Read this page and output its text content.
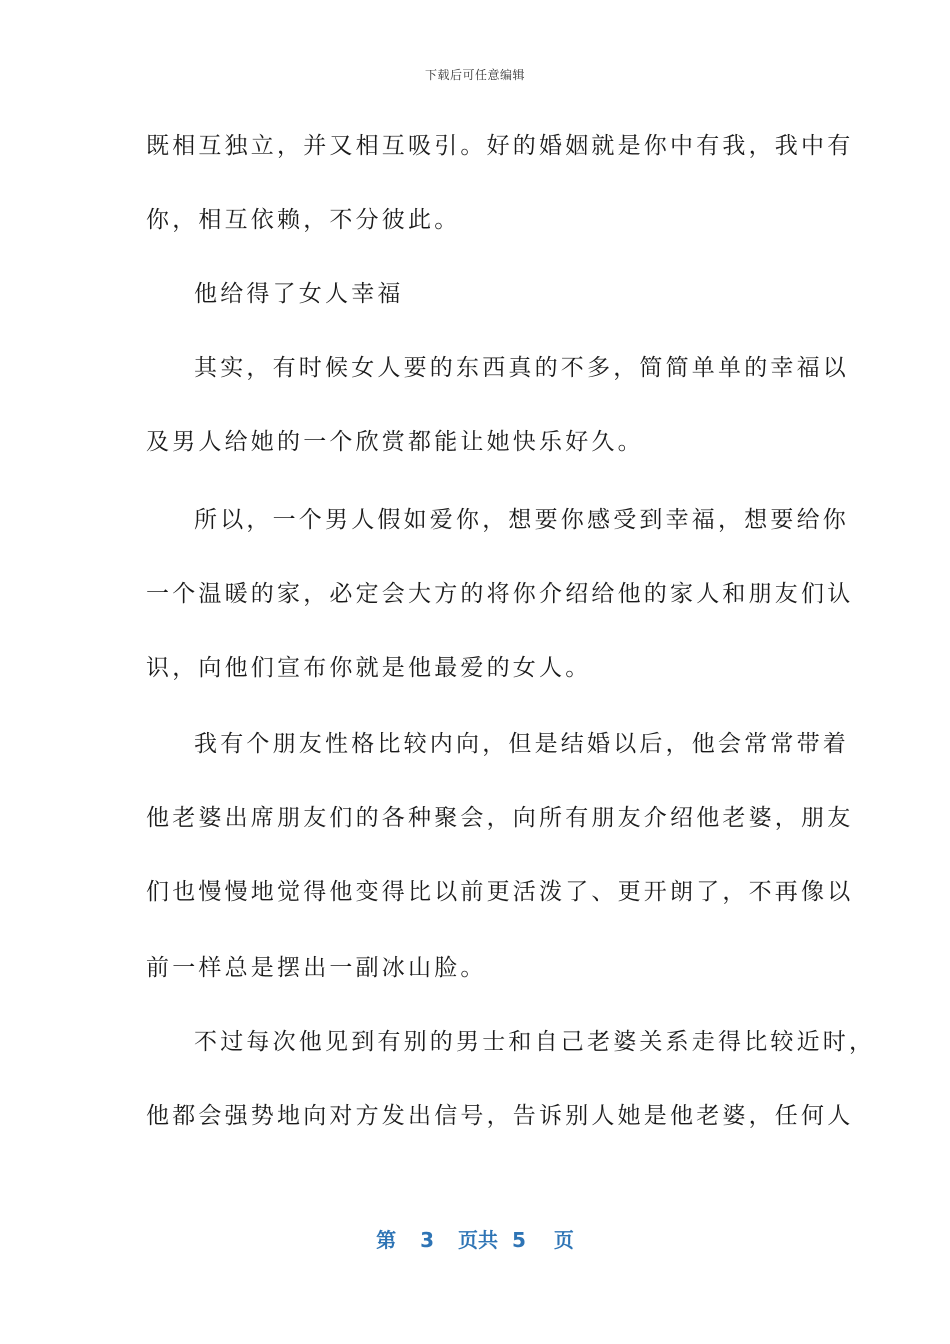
下载后可任意编辑
既相互独立，并又相互吸引。好的婚姻就是你中有我，我中有
你，相互依赖，不分彼此。
他给得了女人幸福
其实，有时候女人要的东西真的不多，简简单单的幸福以
及男人给她的一个欣赏都能让她快乐好久。
所以，一个男人假如爱你，想要你感受到幸福，想要给你
一个温暖的家，必定会大方的将你介绍给他的家人和朋友们认
识，向他们宣布你就是他最爱的女人。
我有个朋友性格比较内向，但是结婚以后，他会常常带着
他老婆出席朋友们的各种聚会，向所有朋友介绍他老婆，朋友
们也慢慢地觉得他变得比以前更活泼了、更开朗了，不再像以
前一样总是摆出一副冰山脸。
不过每次他见到有别的男士和自己老婆关系走得比较近时，
他都会强势地向对方发出信号，告诉别人她是他老婆，任何人
第 3 页共 5 页
